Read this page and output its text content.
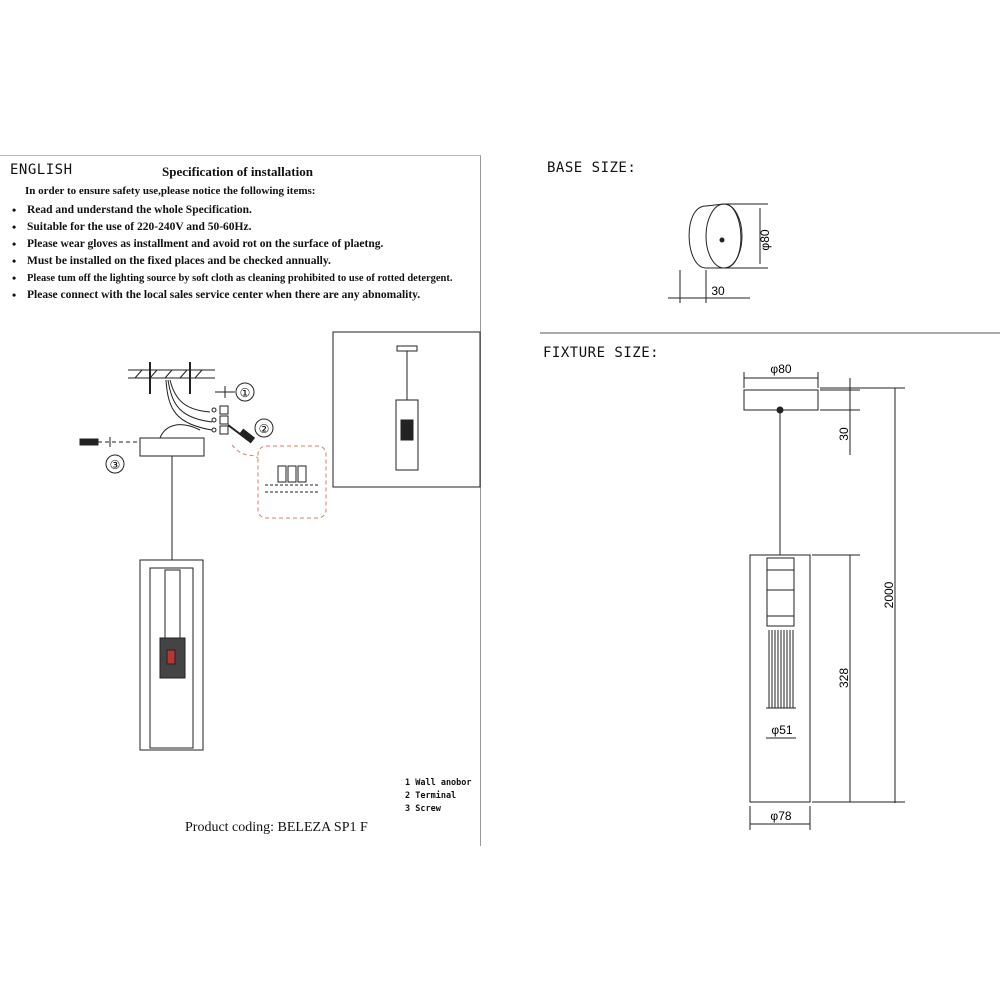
ENGLISH	Specification of installation
In order to ensure safety use,please notice the following items:
• Read and understand the whole Specification.
• Suitable for the use of 220-240V and 50-60Hz.
• Please wear gloves as installment and avoid rot on the surface of plaetng.
• Must be installed on the fixed places and be checked annually.
• Please tum off the lighting source by soft cloth as cleaning prohibited to use of rotted detergent.
• Please connect with the local sales service center when there are any abnomality.
1 Wall anobor
2 Terminal
3 Screw
Product coding: BELEZA SP1 F
①
②
③
φ80
30
φ80
30
2000
328
φ51
φ78
BASE SIZE:
FIXTURE SIZE:
